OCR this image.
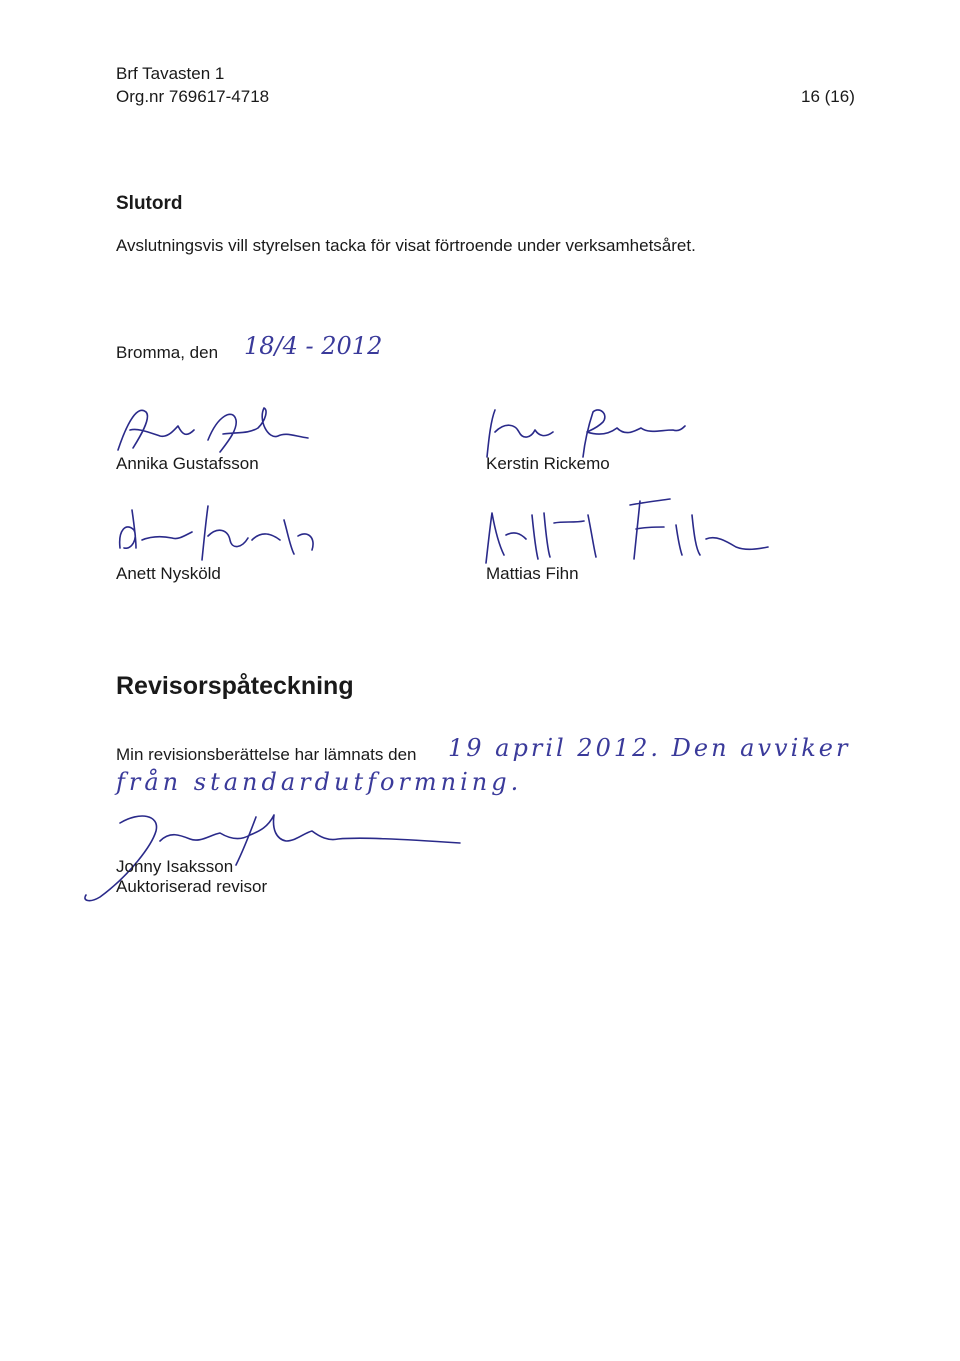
Brf Tavasten 1
Org.nr 769617-4718	16 (16)
Slutord
Avslutningsvis vill styrelsen tacka för visat förtroende under verksamhetsåret.
Bromma, den 18/4 - 2012
Annika Gustafsson	Kerstin Rickemo
Anett Nysköld	Mattias Fihn
Revisorspåteckning
Min revisionsberättelse har lämnats den 19 april 2012. Den avviker
från standardutformning.
Jonny Isaksson
Auktoriserad revisor
